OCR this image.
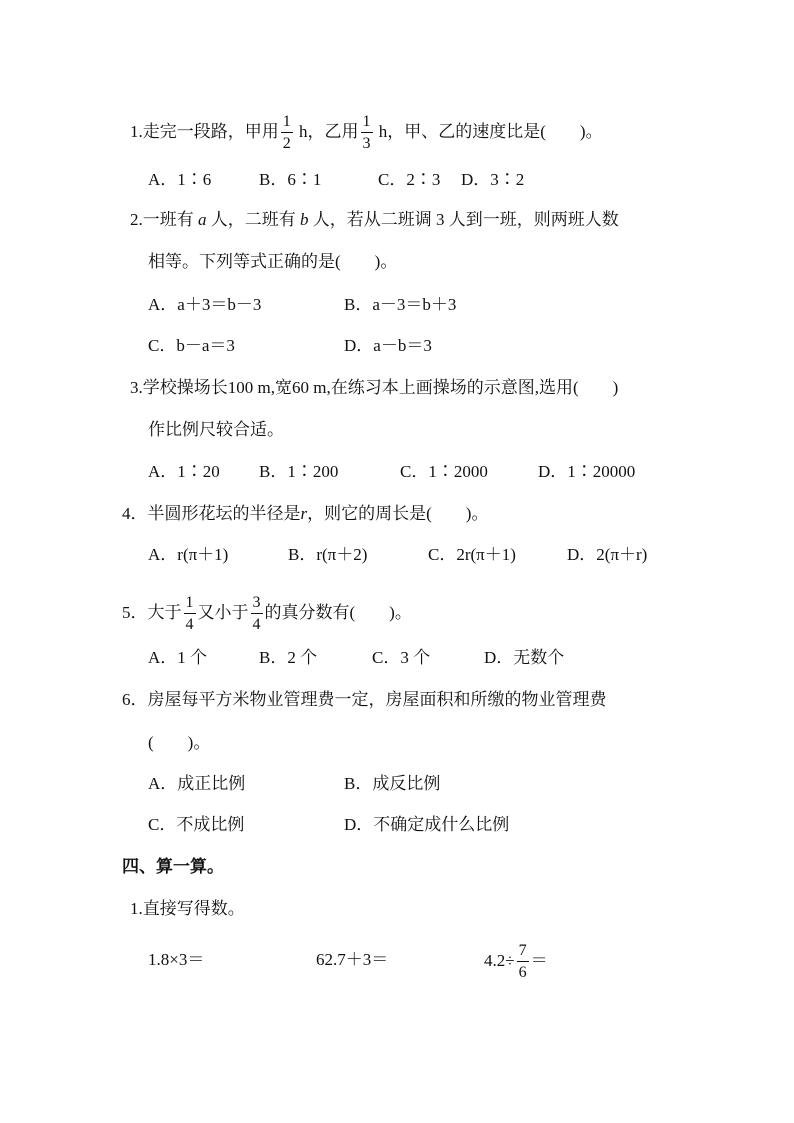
1.走完一段路，甲用 $\frac{1}{2}$ h，乙用 $\frac{1}{3}$ h，甲、乙的速度比是(　　)。
A．1∶6	B．6∶1	C．2∶3 D．3∶2
2.一班有 a 人，二班有 b 人，若从二班调 3 人到一班，则两班人数
相等。下列等式正确的是(　　)。
A．a＋3＝b－3	B．a－3＝b＋3
C．b－a＝3	D．a－b＝3
3.学校操场长100 m,宽60 m,在练习本上画操场的示意图,选用(　　)
作比例尺较合适。
A．1∶20 B．1∶200	C．1∶2000	D．1∶20000
4．半圆形花坛的半径是r，则它的周长是(　　)。
A．r(π＋1)	B．r(π＋2)	C．2r(π＋1)	D．2(π＋r)
5．大于 $\frac{1}{4}$ 又小于 $\frac{3}{4}$ 的真分数有(　　)。
A．1 个	B．2 个	C．3 个	D．无数个
6．房屋每平方米物业管理费一定，房屋面积和所缴的物业管理费
(　　)。
A．成正比例	B．成反比例
C．不成比例	D．不确定成什么比例
四、算一算。
1.直接写得数。
1.8×3＝	62.7＋3＝	$4.2\div \frac{7}{6}$ ＝
